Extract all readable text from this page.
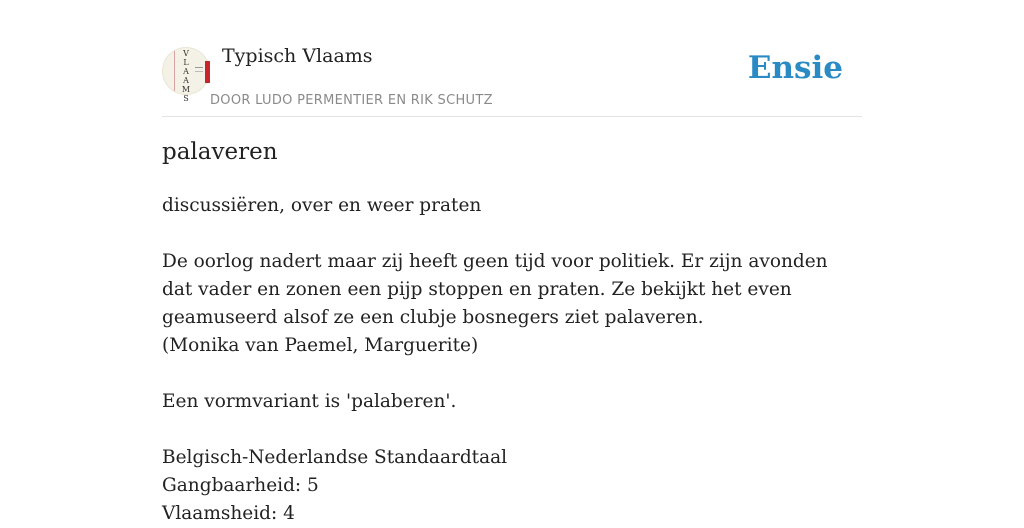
V
L
A
A
M
S
Typisch Vlaams
DOOR LUDO PERMENTIER EN RIK SCHUTZ
Ensie
palaveren

discussiëren, over en weer praten

De oorlog nadert maar zij heeft geen tijd voor politiek. Er zijn avonden dat vader en zonen een pijp stoppen en praten. Ze bekijkt het even geamuseerd alsof ze een clubje bosnegers ziet palaveren.

(Monika van Paemel, Marguerite)

Een vormvariant is 'palaberen'.

Belgisch-Nederlandse Standaardtaal

Gangbaarheid: 5

Vlaamsheid: 4
